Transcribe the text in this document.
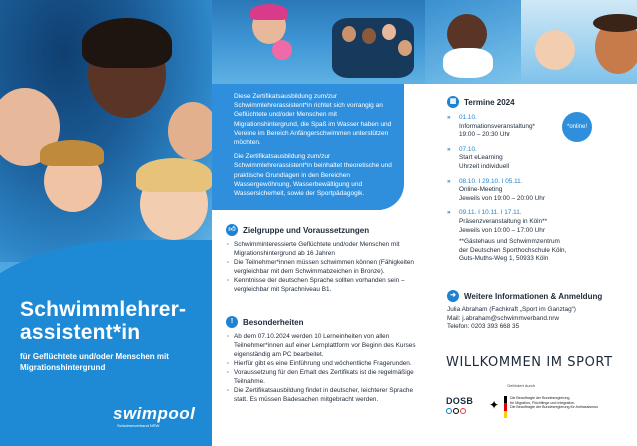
Schwimmlehrer-
assistent*in
für Geflüchtete und/oder Menschen mit Migrationshintergrund
swimpool
Schwimmverband NRW

Diese Zertifikatsausbildung zum/zur Schwimmlehrerassistent*in richtet sich vorrangig an Geflüchtete und/oder Menschen mit Migrationshintergrund, die Spaß im Wasser haben und Vereine im Bereich Anfängerschwimmen unterstützen möchten.

Die Zertifikatsausbildung zum/zur Schwimmlehrerassistent*in beinhaltet theoretische und praktische Grundlagen in den Bereichen Wassergewöhnung, Wasserbewältigung und Wassersicherheit, sowie der Sportpädagogik.

👍︎ Zielgruppe und Voraussetzungen
· Schwimminteressierte Geflüchtete und/oder Menschen mit Migrationshintergrund ab 16 Jahren
· Die Teilnehmer*innen müssen schwimmen können (Fähigkeiten vergleichbar mit dem Schwimmabzeichen in Bronze).
· Kenntnisse der deutschen Sprache sollten vorhanden sein – vergleichbar mit Sprachniveau B1.
!	Besonderheiten
· Ab dem 07.10.2024 werden 10 Lerneinheiten von allen Teilnehmer*innen auf einer Lernplattform vor Beginn des Kurses eigenständig am PC bearbeitet.
· Hierfür gibt es eine Einführung und wöchentliche Fragerunden.
· Voraussetzung für den Erhalt des Zertifikats ist die regelmäßige Teilnahme.
· Die Zertifikatsausbildung findet in deutscher, leichterer Sprache statt. Es müssen Badesachen mitgebracht werden.
▦ Termine 2024
» 01.10.
Informationsveranstaltung*
19:00 – 20:30 Uhr
» 07.10.
Start eLearning
Uhrzeit individuell
» 08.10. I 29.10. I 05.11.
Online-Meeting
Jeweils von 19:00 – 20:00 Uhr
» 09.11. I 10.11. I 17.11.
Präsenzveranstaltung in Köln**
Jeweils von 10:00 – 17:00 Uhr
**Gästehaus und Schwimmzentrum
der Deutschen Sporthochschule Köln,
Guts-Muths-Weg 1, 50933 Köln
*online!
➜	Weitere Informationen & Anmeldung
Julia Abraham (Fachkraft „Sport im Ganztag“)
Mail: j.abraham@schwimmverband.nrw
Telefon: 0203 393 668 35
WILLKOMMEN IM SPORT
Gefördert durch
DOSB ✦	Die Beauftragte der Bundesregierung
für Migration, Flüchtlinge und Integration
Die Beauftragte der Bundesregierung für Antirassismus
